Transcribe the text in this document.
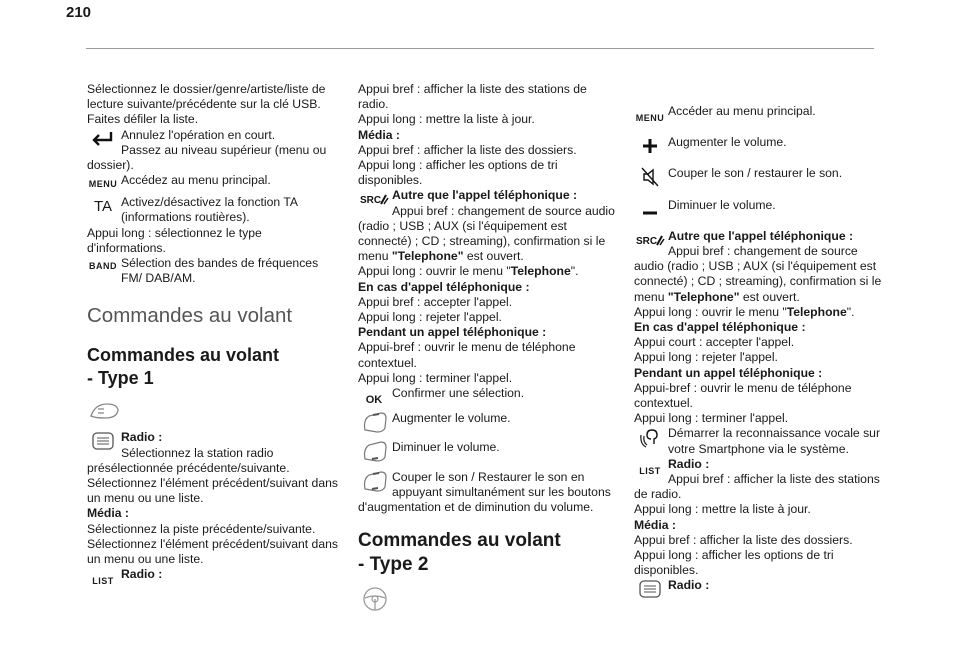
210

Sélectionnez le dossier/genre/artiste/liste de lecture suivante/précédente sur la clé USB.

Faites défiler la liste.

Annulez l'opération en court.
Passez au niveau supérieur (menu ou dossier).
MENU Accédez au menu principal.
TA Activez/désactivez la fonction TA (informations routières).

Appui long : sélectionnez le type d'informations.

BAND Sélection des bandes de fréquences FM/ DAB/AM.
Commandes au volant
Commandes au volant
- Type 1
Radio :
Sélectionnez la station radio présélectionnée précédente/suivante.

Sélectionnez l'élément précédent/suivant dans un menu ou une liste.

Média :

Sélectionnez la piste précédente/suivante.

Sélectionnez l'élément précédent/suivant dans un menu ou une liste.

LIST Radio :

Appui bref : afficher la liste des stations de radio.

Appui long : mettre la liste à jour.

Média :

Appui bref : afficher la liste des dossiers.

Appui long : afficher les options de tri disponibles.

SRC Autre que l'appel téléphonique :
Appui bref : changement de source audio (radio ; USB ; AUX (si l'équipement est connecté) ; CD ; streaming), confirmation si le menu "Telephone" est ouvert.

Appui long : ouvrir le menu "Telephone".

En cas d'appel téléphonique :

Appui bref : accepter l'appel.

Appui long : rejeter l'appel.

Pendant un appel téléphonique :

Appui-bref : ouvrir le menu de téléphone contextuel.

Appui long : terminer l'appel.

OK Confirmer une sélection.
Augmenter le volume.
Diminuer le volume.
Couper le son / Restaurer le son en appuyant simultanément sur les boutons d'augmentation et de diminution du volume.
Commandes au volant
- Type 2
MENU Accéder au menu principal.
Augmenter le volume.
Couper le son / restaurer le son.
Diminuer le volume.
SRC Autre que l'appel téléphonique :
Appui bref : changement de source audio (radio ; USB ; AUX (si l'équipement est connecté) ; CD ; streaming), confirmation si le menu "Telephone" est ouvert.

Appui long : ouvrir le menu "Telephone".

En cas d'appel téléphonique :

Appui court : accepter l'appel.

Appui long : rejeter l'appel.

Pendant un appel téléphonique :

Appui-bref : ouvrir le menu de téléphone contextuel.

Appui long : terminer l'appel.

Démarrer la reconnaissance vocale sur votre Smartphone via le système.
LIST Radio :
Appui bref : afficher la liste des stations de radio.

Appui long : mettre la liste à jour.

Média :

Appui bref : afficher la liste des dossiers.

Appui long : afficher les options de tri disponibles.

Radio :
